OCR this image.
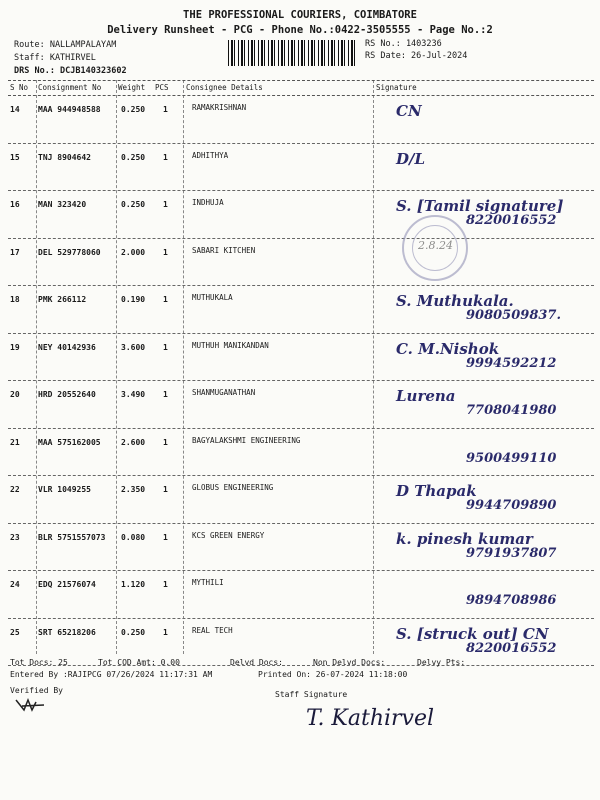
THE PROFESSIONAL COURIERS, COIMBATORE
Delivery Runsheet - PCG - Phone No.:0422-3505555 - Page No.:2
Route: NALLAMPALAYAM
Staff: KATHIRVEL
DRS No.: DCJB140323602
RS No.: 1403236
RS Date: 26-Jul-2024
S No Consignment No Weight PCS Consignee Details	Signature
14 MAA 944948588	0.250 1	RAMAKRISHNAN	CN
15 TNJ 8904642	0.250 1	ADHITHYA	D/L
16 MAN 323420	0.250 1	INDHUJA	S. [Tamil signature]
8220016552
17 DEL 529778060	2.000 1	SABARI KITCHEN
18 PMK 266112	0.190 1	MUTHUKALA	S. Muthukala.
9080509837.
19 NEY 40142936	3.600 1	MUTHUH MANIKANDAN	C. M.Nishok
9994592212
20 HRD 20552640	3.490 1	SHANMUGANATHAN	Lurena
7708041980
21 MAA 575162005	2.600 1	BAGYALAKSHMI ENGINEERING
9500499110
22 VLR 1049255	2.350 1	GLOBUS ENGINEERING	D Thapak
9944709890
23 BLR 5751557073 0.080 1	KCS GREEN ENERGY	k. pinesh kumar
9791937807
24 EDQ 21576074	1.120 1	MYTHILI
9894708986
25 SRT 65218206	0.250 1	REAL TECH	S. [struck out] CN
8220016552
2.8.24
Tot Docs: 25	Tot COD Amt: 0.00	Delvd Docs:	Non Delvd Docs:	Delvy Pts:
Entered By :RAJIPCG 07/26/2024 11:17:31 AM	Printed On: 26-07-2024 11:18:00
Verified By	Staff Signature
T. Kathirvel
